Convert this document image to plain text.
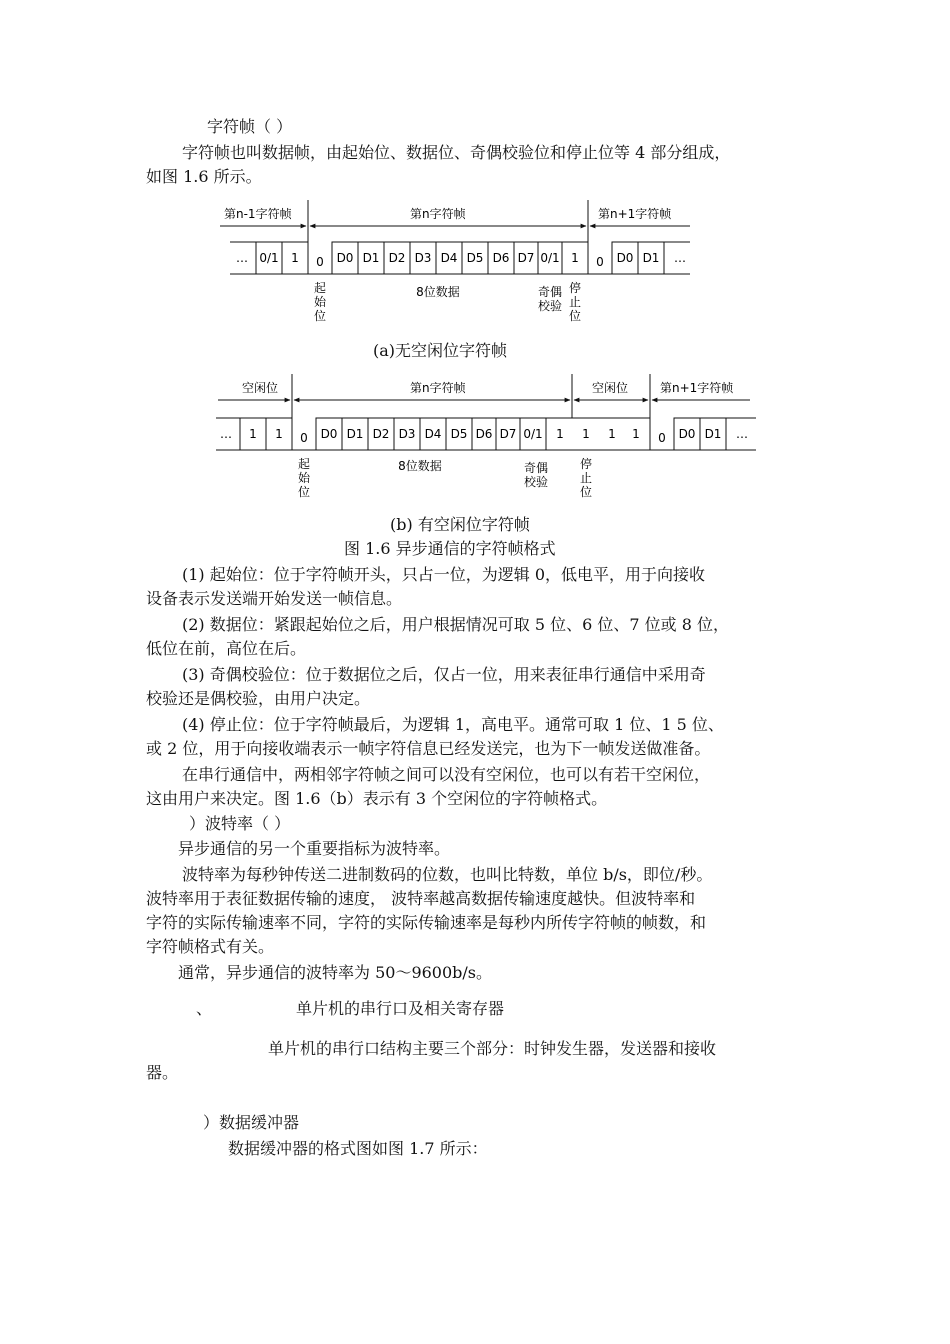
字符帧（ ）
字符帧也叫数据帧，由起始位、数据位、奇偶校验位和停止位等 4 部分组成，
如图 1.6 所示。
第n-1字符帧	第n字符帧	第n+1字符帧
… 0/1 1 0 D0 D1 D2 D3 D4 D5 D6 D7 0/1 1 0 D0 D1 …
起
始
位
8位数据	奇偶
校验
停
止
位
(a)无空闲位字符帧
空闲位	第n字符帧	空闲位	第n+1字符帧
… 1 1 0 D0 D1 D2 D3 D4 D5 D6 D7 0/1 1 1 1 1 0 D0 D1 …
起
始
位
8位数据	奇偶
校验
停
止
位
(b) 有空闲位字符帧
图 1.6 异步通信的字符帧格式
(1) 起始位：位于字符帧开头，只占一位，为逻辑 0，低电平，用于向接收
设备表示发送端开始发送一帧信息。
(2) 数据位：紧跟起始位之后，用户根据情况可取 5 位、6 位、7 位或 8 位，
低位在前，高位在后。
(3) 奇偶校验位：位于数据位之后，仅占一位，用来表征串行通信中采用奇
校验还是偶校验，由用户决定。
(4) 停止位：位于字符帧最后，为逻辑 1，高电平。通常可取 1 位、1 5 位、
或 2 位，用于向接收端表示一帧字符信息已经发送完，也为下一帧发送做准备。
在串行通信中，两相邻字符帧之间可以没有空闲位，也可以有若干空闲位，
这由用户来决定。图 1.6（b）表示有 3 个空闲位的字符帧格式。
）波特率（ ）
异步通信的另一个重要指标为波特率。
波特率为每秒钟传送二进制数码的位数，也叫比特数，单位 b/s，即位/秒。
波特率用于表征数据传输的速度， 波特率越高数据传输速度越快。但波特率和
字符的实际传输速率不同，字符的实际传输速率是每秒内所传字符帧的帧数，和
字符帧格式有关。
通常，异步通信的波特率为 50～9600b/s。
、	单片机的串行口及相关寄存器
单片机的串行口结构主要三个部分：时钟发生器，发送器和接收
器。
）数据缓冲器
数据缓冲器的格式图如图 1.7 所示：
